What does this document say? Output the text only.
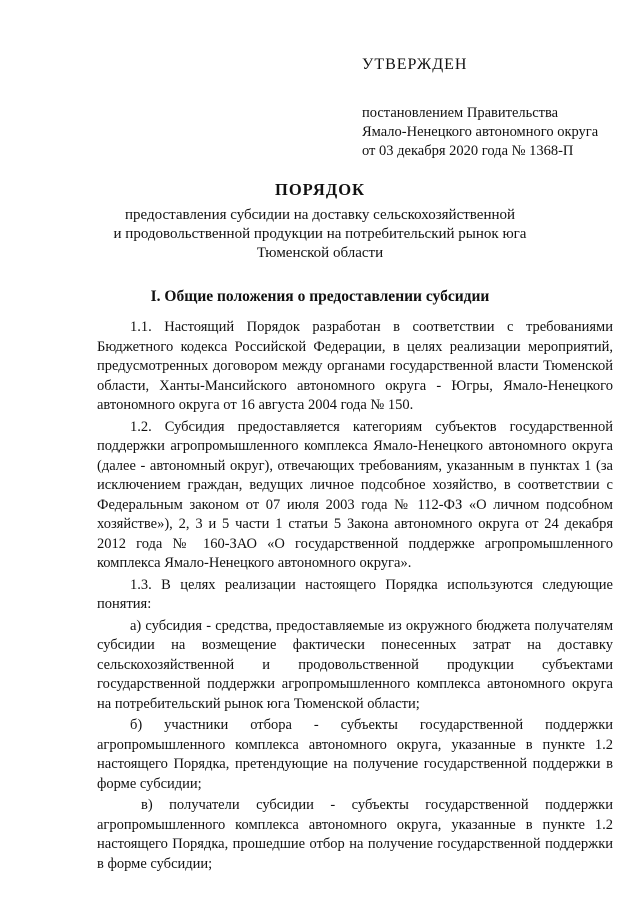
УТВЕРЖДЕН

постановлением Правительства

Ямало-Ненецкого автономного округа

от 03 декабря 2020 года № 1368-П

ПОРЯДОК

предоставления субсидии на доставку сельскохозяйственной

и продовольственной продукции на потребительский рынок юга

Тюменской области

I. Общие положения о предоставлении субсидии

1.1. Настоящий Порядок разработан в соответствии с требованиями Бюджетного кодекса Российской Федерации, в целях реализации мероприятий, предусмотренных договором между органами государственной власти Тюменской области, Ханты-Мансийского автономного округа - Югры, Ямало-Ненецкого автономного округа от 16 августа 2004 года № 150.

1.2. Субсидия предоставляется категориям субъектов государственной поддержки агропромышленного комплекса Ямало-Ненецкого автономного округа (далее - автономный округ), отвечающих требованиям, указанным в пунктах 1 (за исключением граждан, ведущих личное подсобное хозяйство, в соответствии с Федеральным законом от 07 июля 2003 года № 112-ФЗ «О личном подсобном хозяйстве»), 2, 3 и 5 части 1 статьи 5 Закона автономного округа от 24 декабря 2012 года № 160-ЗАО «О государственной поддержке агропромышленного комплекса Ямало-Ненецкого автономного округа».

1.3. В целях реализации настоящего Порядка используются следующие понятия:

а) субсидия - средства, предоставляемые из окружного бюджета получателям субсидии на возмещение фактически понесенных затрат на доставку сельскохозяйственной и продовольственной продукции субъектами государственной поддержки агропромышленного комплекса автономного округа на потребительский рынок юга Тюменской области;

б) участники отбора - субъекты государственной поддержки агропромышленного комплекса автономного округа, указанные в пункте 1.2 настоящего Порядка, претендующие на получение государственной поддержки в форме субсидии;

в) получатели субсидии - субъекты государственной поддержки агропромышленного комплекса автономного округа, указанные в пункте 1.2 настоящего Порядка, прошедшие отбор на получение государственной поддержки в форме субсидии;
